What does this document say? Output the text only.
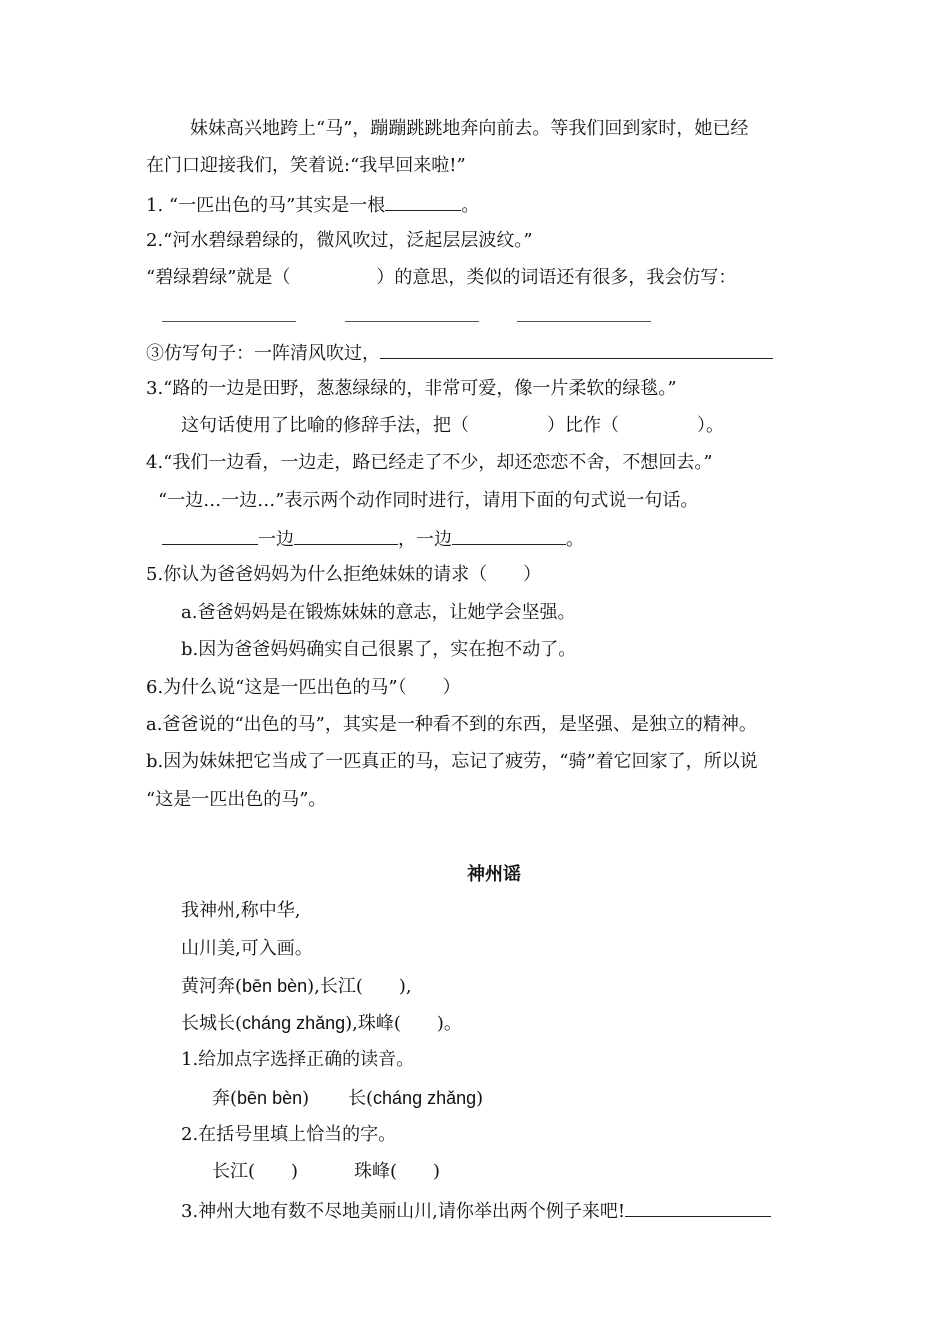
妹妹高兴地跨上“马”，蹦蹦跳跳地奔向前去。等我们回到家时，她已经
在门口迎接我们，笑着说:“我早回来啦!”
1. “一匹出色的马”其实是一根	。
2.“河水碧绿碧绿的，微风吹过，泛起层层波纹。”
“碧绿碧绿”就是（	）的意思，类似的词语还有很多，我会仿写：
③仿写句子：一阵清风吹过，
3.“路的一边是田野，葱葱绿绿的，非常可爱，像一片柔软的绿毯。”
这句话使用了比喻的修辞手法，把（	）比作（	）。
4.“我们一边看，一边走，路已经走了不少，却还恋恋不舍，不想回去。”
“一边…一边…”表示两个动作同时进行，请用下面的句式说一句话。
一边	，一边	。
5.你认为爸爸妈妈为什么拒绝妹妹的请求（　　）
a.爸爸妈妈是在锻炼妹妹的意志，让她学会坚强。
b.因为爸爸妈妈确实自己很累了，实在抱不动了。
6.为什么说“这是一匹出色的马”（　　）
a.爸爸说的“出色的马”，其实是一种看不到的东西，是坚强、是独立的精神。
b.因为妹妹把它当成了一匹真正的马，忘记了疲劳，“骑”着它回家了，所以说
“这是一匹出色的马”。
神州谣
我神州,称中华,
山川美,可入画。
黄河奔(bēn bèn),长江(　　),
长城长(cháng zhǎng),珠峰(　　)。
1.给加点字选择正确的读音。
奔(bēn bèn) 长(cháng zhǎng)
2.在括号里填上恰当的字。
长江(　　)	珠峰(　　)
3.神州大地有数不尽地美丽山川,请你举出两个例子来吧!
